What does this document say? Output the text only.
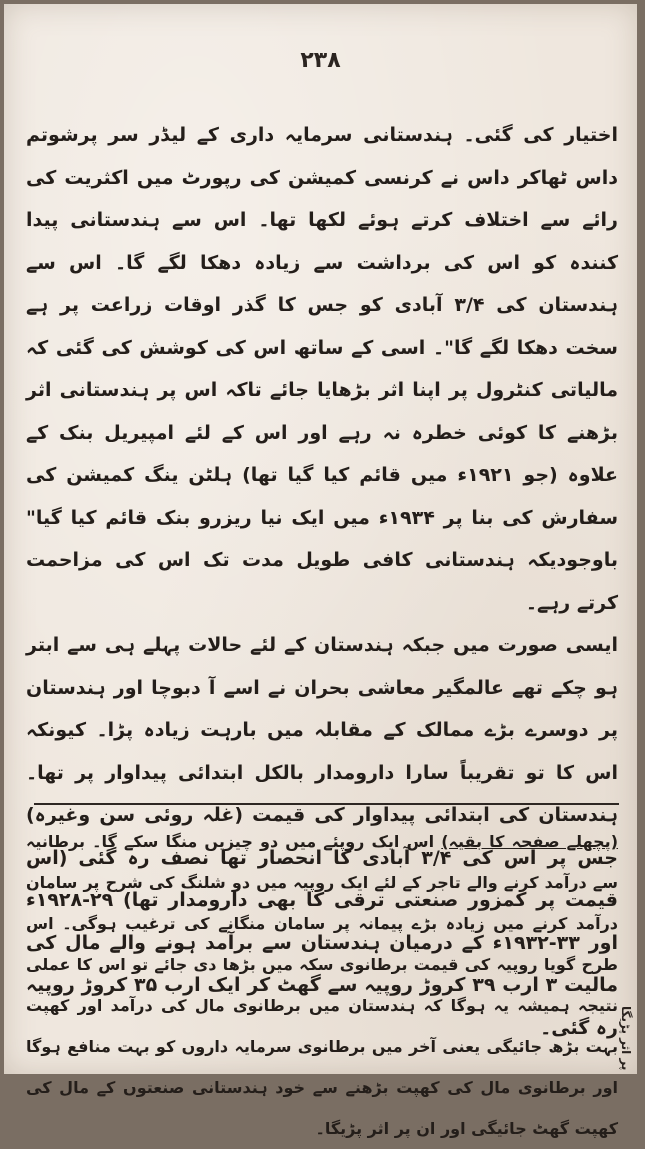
۲۳۸

اختیار کی گئی۔ ہندستانی سرمایہ داری کے لیڈر سر پرشوتم داس ٹھاکر داس نے کرنسی کمیشن کی رپورٹ میں اکثریت کی رائے سے اختلاف کرتے ہوئے لکھا تھا۔ اس سے ہندستانی پیدا کنندہ کو اس کی برداشت سے زیادہ دھکا لگے گا۔ اس سے ہندستان کی ۳/۴ آبادی کو جس کا گذر اوقات زراعت پر ہے سخت دھکا لگے گا"۔ اسی کے ساتھ اس کی کوشش کی گئی کہ مالیاتی کنٹرول پر اپنا اثر بڑھایا جائے تاکہ اس پر ہندستانی اثر بڑھنے کا کوئی خطرہ نہ رہے اور اس کے لئے امپیریل بنک کے علاوہ (جو ۱۹۲۱ء میں قائم کیا گیا تھا) ہلٹن ینگ کمیشن کی سفارش کی بنا پر ۱۹۳۴ء میں ایک نیا ریزرو بنک قائم کیا گیا" باوجودیکہ ہندستانی کافی طویل مدت تک اس کی مزاحمت کرتے رہے۔

ایسی صورت میں جبکہ ہندستان کے لئے حالات پہلے ہی سے ابتر ہو چکے تھے عالمگیر معاشی بحران نے اسے آ دبوچا اور ہندستان پر دوسرے بڑے ممالک کے مقابلہ میں بارہت زیادہ پڑا۔ کیونکہ اس کا تو تقریباً سارا دارومدار بالکل ابتدائی پیداوار پر تھا۔ ہندستان کی ابتدائی پیداوار کی قیمت (غلہ روئی سن وغیرہ) جس پر اس کی ۳/۴ آبادی کا انحصار تھا نصف رہ گئی (اس قیمت پر کمزور صنعتی ترقی کا بھی دارومدار تھا) ۲۹-۱۹۲۸ء اور ۳۳-۱۹۳۲ء کے درمیان ہندستان سے برآمد ہونے والے مال کی مالیت ۳ ارب ۳۹ کروڑ روپیہ سے گھٹ کر ایک ارب ۳۵ کروڑ روپیہ رہ گئی۔

(پچھلے صفحہ کا بقیہ) اس ایک روپئے میں دو چیزیں منگا سکے گا۔ برطانیہ سے درآمد کرنے والے تاجر کے لئے ایک روپیہ میں دو شلنگ کی شرح پر سامان درآمد کرنے میں زیادہ بڑے پیمانہ پر سامان منگانے کی ترغیب ہوگی۔ اس طرح گویا روپیہ کی قیمت برطانوی سکہ میں بڑھا دی جائے تو اس کا عملی نتیجہ ہمیشہ یہ ہوگا کہ ہندستان میں برطانوی مال کی درآمد اور کھپت بہت بڑھ جائیگی یعنی آخر میں برطانوی سرمایہ داروں کو بہت منافع ہوگا اور برطانوی مال کی کھپت بڑھنے سے خود ہندستانی صنعتوں کے مال کی کھپت گھٹ جائیگی اور ان پر اثر پڑیگا۔
پر اثر پڑیگا
